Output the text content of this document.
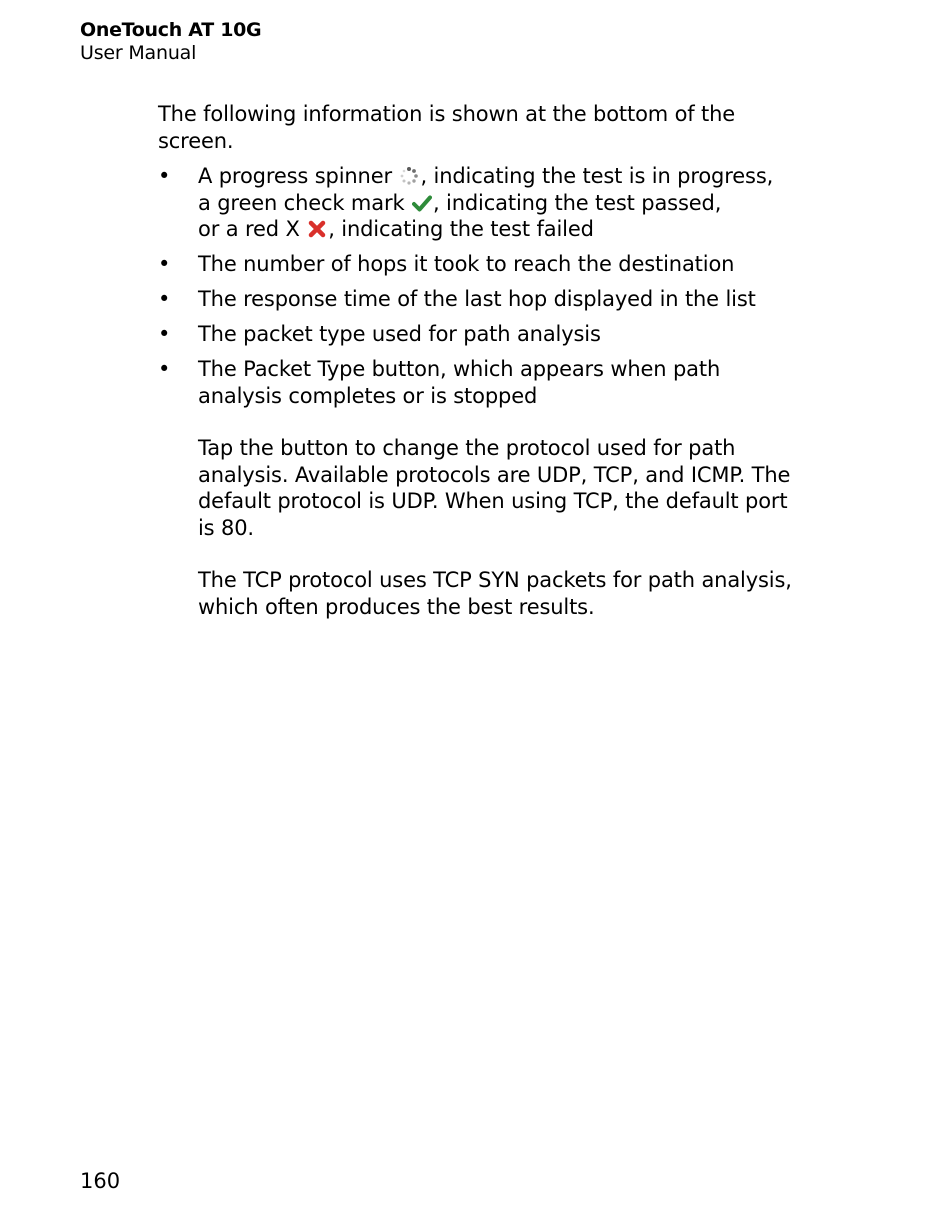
OneTouch AT 10G
User Manual

The following information is shown at the bottom of the screen.

•	A progress spinner , indicating the test is in progress,
a green check mark , indicating the test passed,
or a red X , indicating the test failed
•	The number of hops it took to reach the destination
•	The response time of the last hop displayed in the list
•	The packet type used for path analysis
•	The Packet Type button, which appears when path analysis completes or is stopped

Tap the button to change the protocol used for path analysis. Available protocols are UDP, TCP, and ICMP. The default protocol is UDP. When using TCP, the default port is 80.

The TCP protocol uses TCP SYN packets for path analysis, which often produces the best results.

160
